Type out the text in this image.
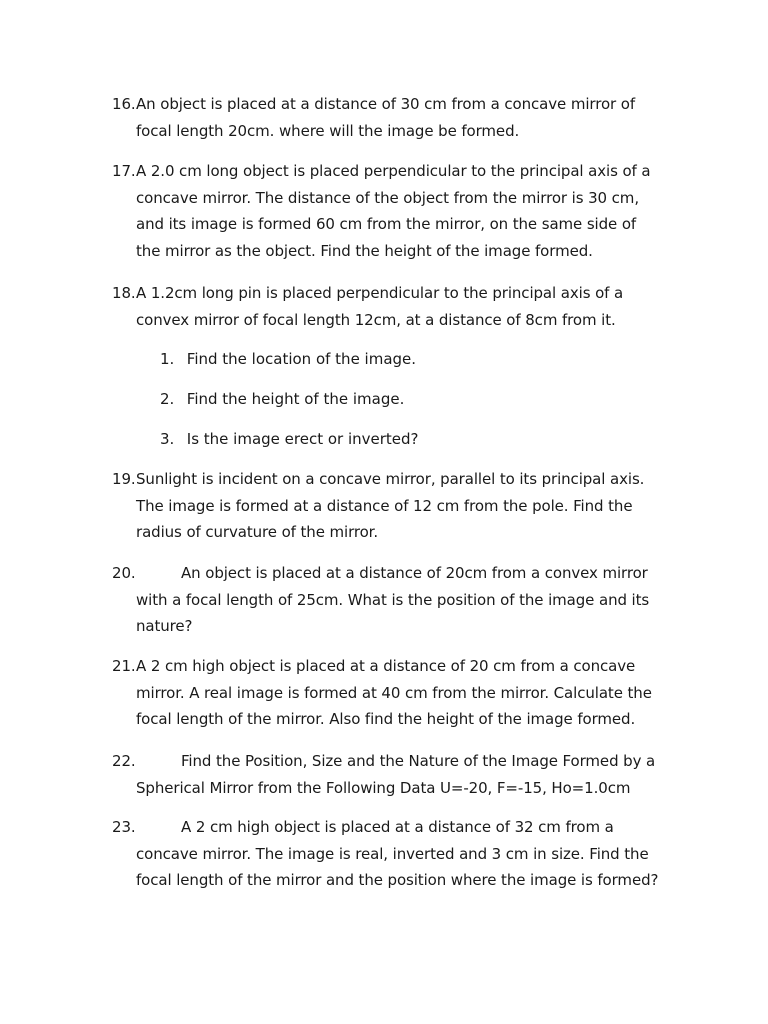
16. An object is placed at a distance of 30 cm from a concave mirror of
focal length 20cm. where will the image be formed.
17. A 2.0 cm long object is placed perpendicular to the principal axis of a
concave mirror. The distance of the object from the mirror is 30 cm,
and its image is formed 60 cm from the mirror, on the same side of
the mirror as the object. Find the height of the image formed.
18. A 1.2cm long pin is placed perpendicular to the principal axis of a
convex mirror of focal length 12cm, at a distance of 8cm from it.
1. Find the location of the image.
2. Find the height of the image.
3. Is the image erect or inverted?
19. Sunlight is incident on a concave mirror, parallel to its principal axis.
The image is formed at a distance of 12 cm from the pole. Find the
radius of curvature of the mirror.
20.	An object is placed at a distance of 20cm from a convex mirror
with a focal length of 25cm. What is the position of the image and its
nature?
21. A 2 cm high object is placed at a distance of 20 cm from a concave
mirror. A real image is formed at 40 cm from the mirror. Calculate the
focal length of the mirror. Also find the height of the image formed.
22.	Find the Position, Size and the Nature of the Image Formed by a
Spherical Mirror from the Following Data U=-20, F=-15, Ho=1.0cm
23.	A 2 cm high object is placed at a distance of 32 cm from a
concave mirror. The image is real, inverted and 3 cm in size. Find the
focal length of the mirror and the position where the image is formed?
